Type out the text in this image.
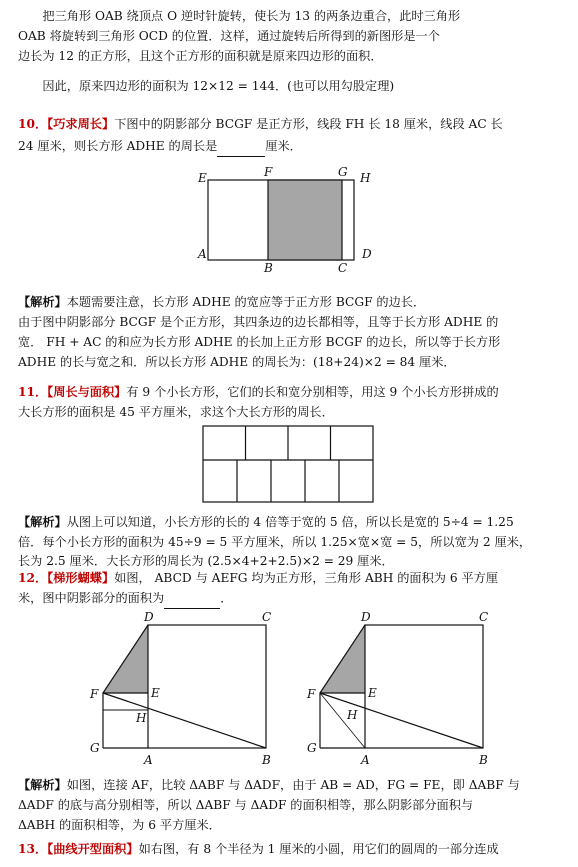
把三角形 OAB 绕顶点 O 逆时针旋转，使长为 13 的两条边重合，此时三角形

OAB 将旋转到三角形 OCD 的位置．这样，通过旋转后所得到的新图形是一个

边长为 12 的正方形，且这个正方形的面积就是原来四边形的面积．

因此，原来四边形的面积为 12×12 = 144．(也可以用勾股定理)

10．【巧求周长】下图中的阴影部分 BCGF 是正方形，线段 FH 长 18 厘米，线段 AC 长

24 厘米，则长方形 ADHE 的周长是	厘米．

E	F	G H
A
B	C
D

【解析】本题需要注意，长方形 ADHE 的宽应等于正方形 BCGF 的边长．

由于图中阴影部分 BCGF 是个正方形，其四条边的边长都相等，且等于长方形 ADHE 的

宽． FH + AC 的和应为长方形 ADHE 的长加上正方形 BCGF 的边长，所以等于长方形

ADHE 的长与宽之和．所以长方形 ADHE 的周长为：(18+24)×2 = 84 厘米．

11．【周长与面积】有 9 个小长方形，它们的长和宽分别相等，用这 9 个小长方形拼成的

大长方形的面积是 45 平方厘米，求这个大长方形的周长．

【解析】从图上可以知道，小长方形的长的 4 倍等于宽的 5 倍，所以长是宽的 5÷4 = 1.25

倍．每个小长方形的面积为 45÷9 = 5 平方厘米，所以 1.25×宽×宽 = 5，所以宽为 2 厘米，

长为 2.5 厘米．大长方形的周长为 (2.5×4+2+2.5)×2 = 29 厘米．

12．【梯形蝴蝶】如图， ABCD 与 AEFG 均为正方形，三角形 ABH 的面积为 6 平方厘

米，图中阴影部分的面积为	．

D	C
F	E
H
G
A	B
D	C
F	E
H
G
A	B

【解析】如图，连接 AF，比较 ΔABF 与 ΔADF，由于 AB = AD，FG = FE，即 ΔABF 与

ΔADF 的底与高分别相等，所以 ΔABF 与 ΔADF 的面积相等，那么阴影部分面积与

ΔABH 的面积相等，为 6 平方厘米．

13．【曲线开型面积】如右图，有 8 个半径为 1 厘米的小圆，用它们的圆周的一部分连成
